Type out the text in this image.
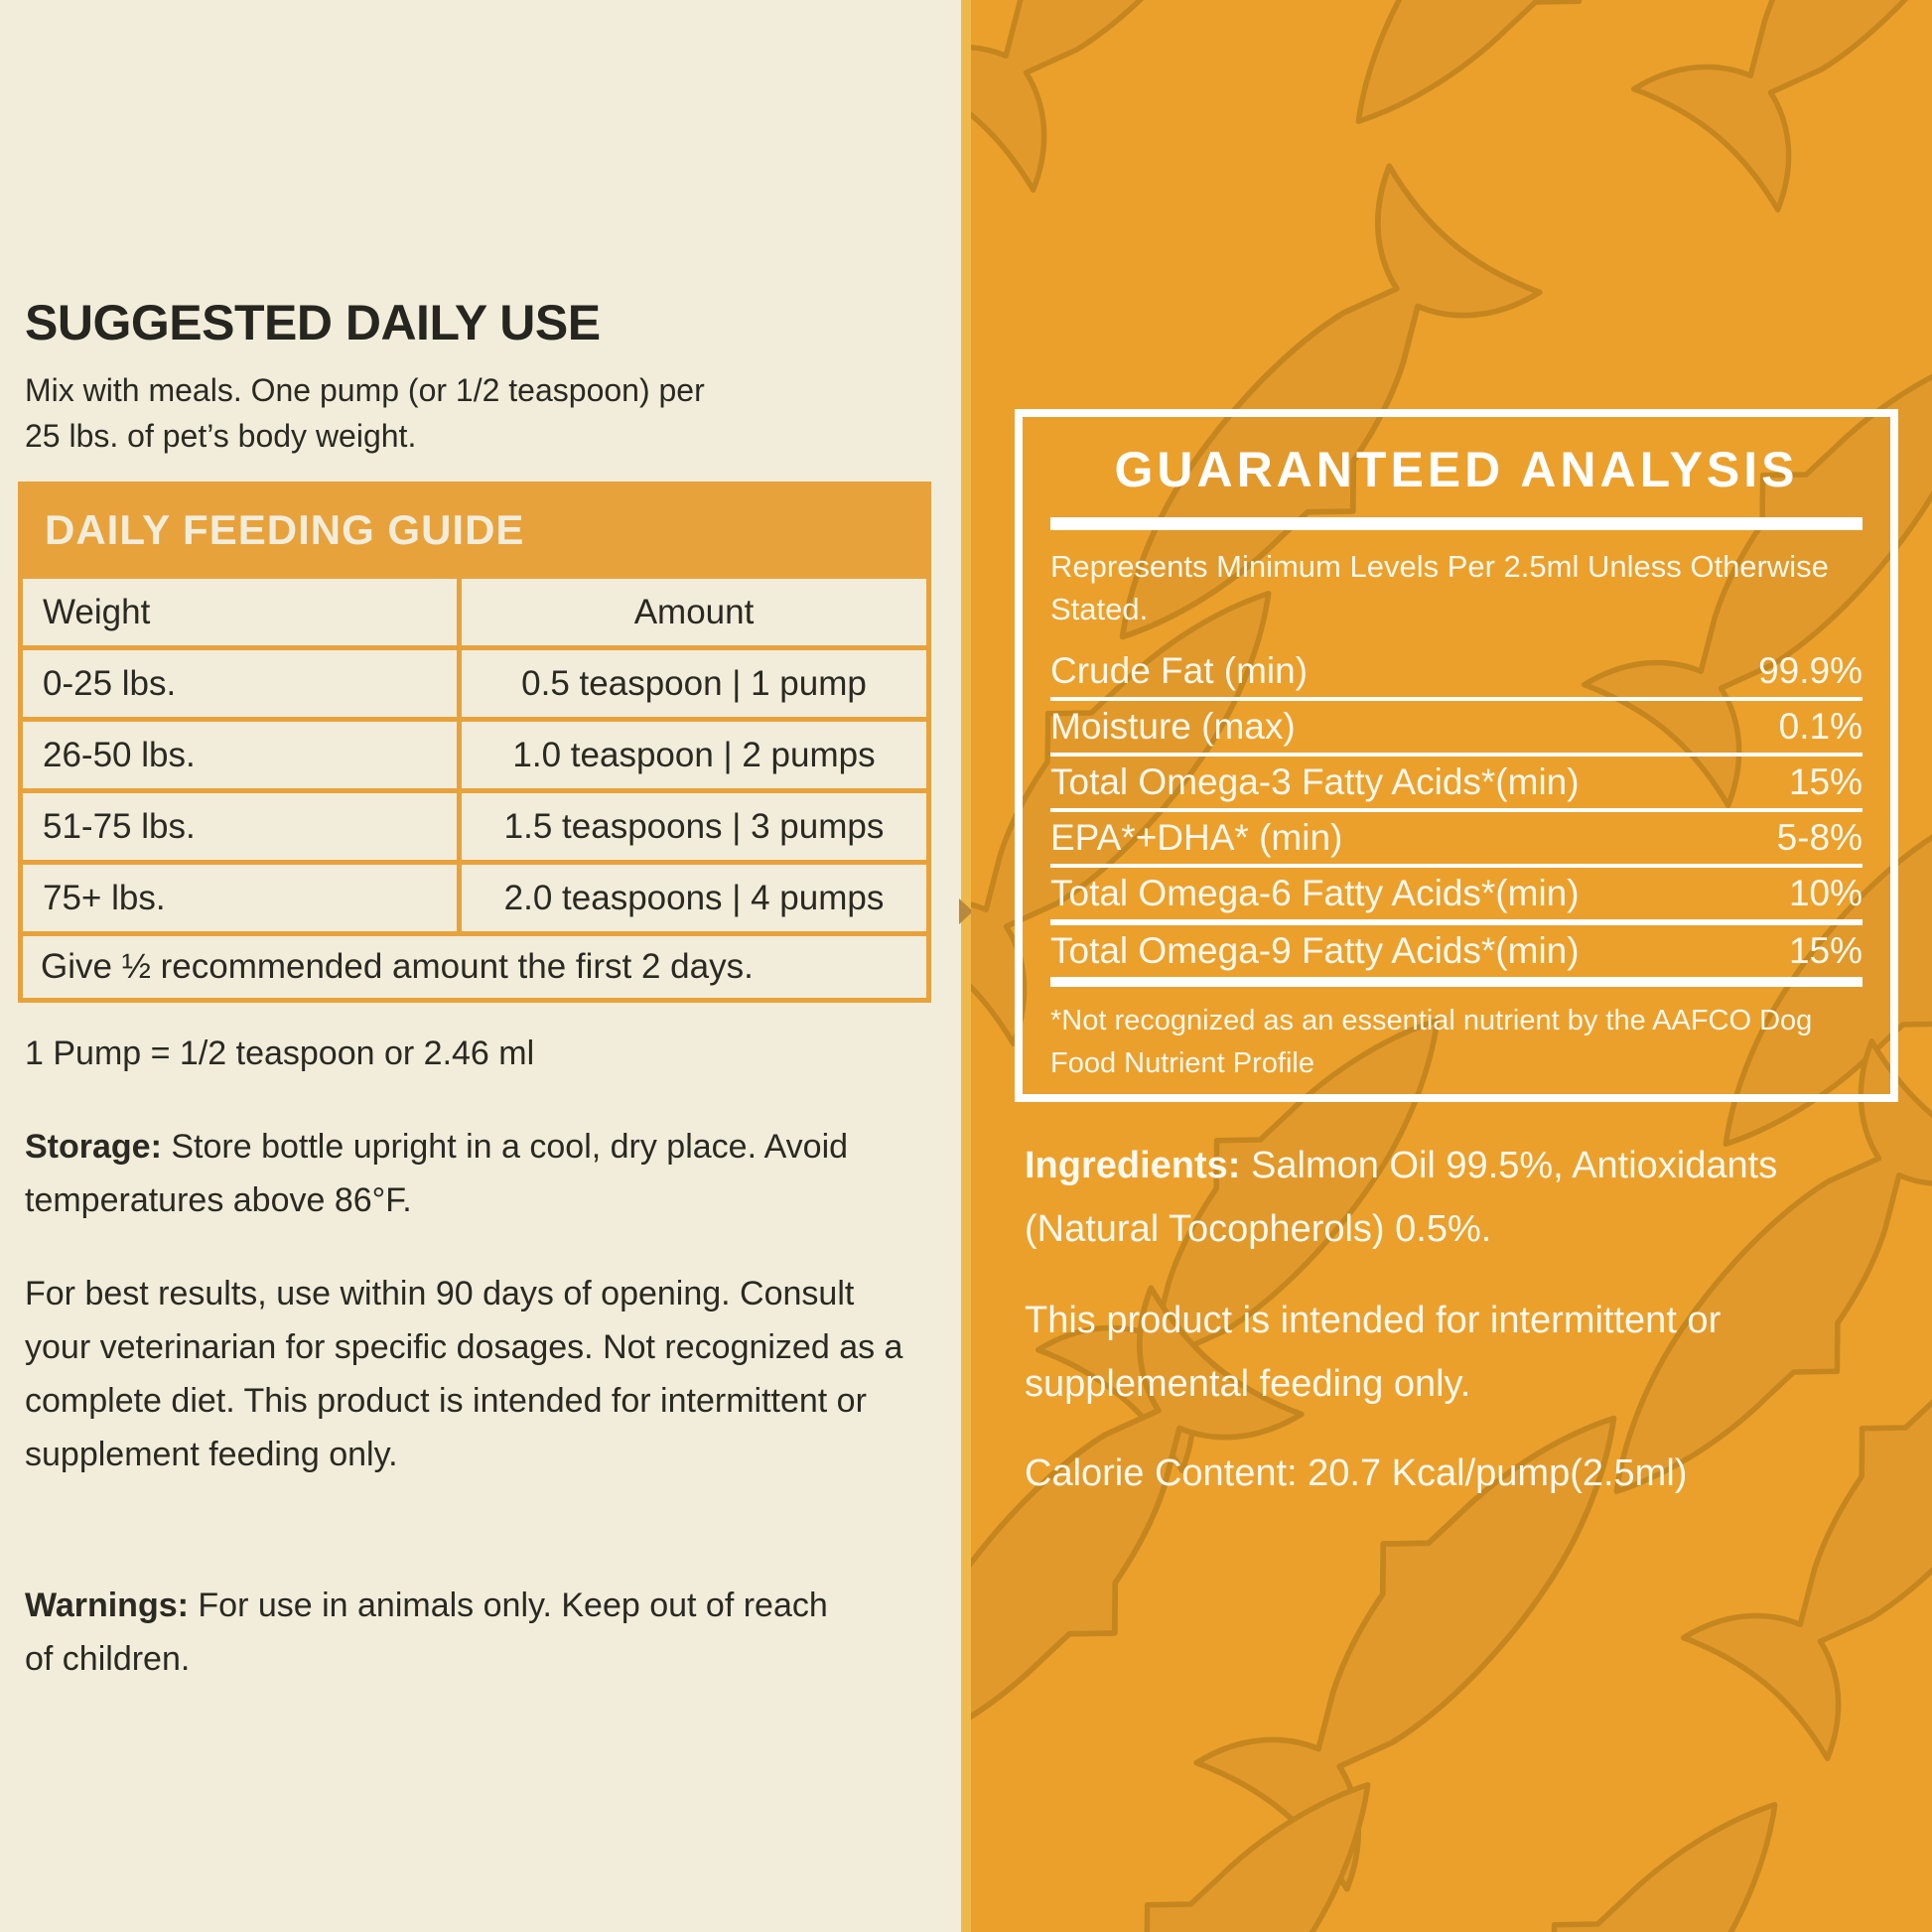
SUGGESTED DAILY USE
Mix with meals. One pump (or 1/2 teaspoon) per 25 lbs. of pet’s body weight.
DAILY FEEDING GUIDE
Weight	Amount
0-25 lbs.	0.5 teaspoon | 1 pump
26-50 lbs.	1.0 teaspoon | 2 pumps
51-75 lbs.	1.5 teaspoons | 3 pumps
75+ lbs.	2.0 teaspoons | 4 pumps
Give ½ recommended amount the first 2 days.
1 Pump = 1/2 teaspoon or 2.46 ml
Storage: Store bottle upright in a cool, dry place. Avoid temperatures above 86°F.
For best results, use within 90 days of opening. Consult your veterinarian for specific dosages. Not recognized as a complete diet. This product is intended for intermittent or supplement feeding only.
Warnings: For use in animals only. Keep out of reach of children.
GUARANTEED ANALYSIS
Represents Minimum Levels Per 2.5ml Unless Otherwise Stated.
Crude Fat (min)	99.9%
Moisture (max)	0.1%
Total Omega-3 Fatty Acids*(min)	15%
EPA*+DHA* (min)	5-8%
Total Omega-6 Fatty Acids*(min)	10%
Total Omega-9 Fatty Acids*(min)	15%
*Not recognized as an essential nutrient by the AAFCO Dog Food Nutrient Profile
Ingredients: Salmon Oil 99.5%, Antioxidants (Natural Tocopherols) 0.5%.
This product is intended for intermittent or supplemental feeding only.
Calorie Content: 20.7 Kcal/pump(2.5ml)
